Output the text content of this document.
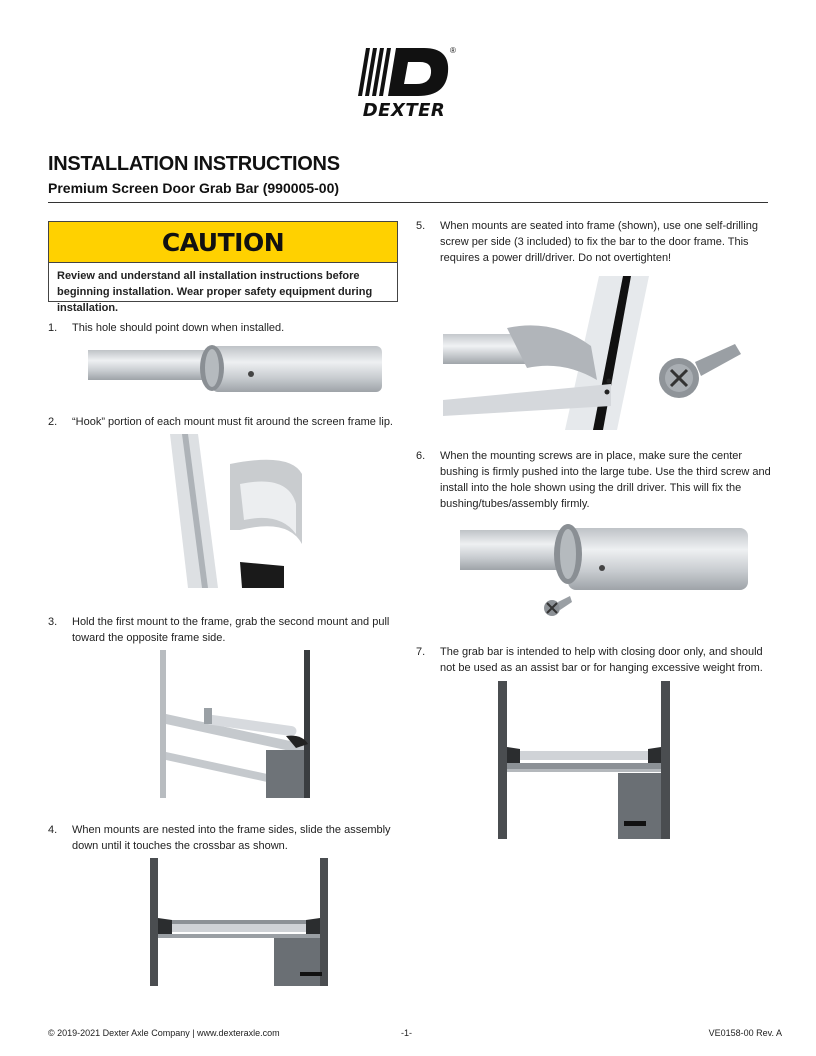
®
DEXTER
INSTALLATION INSTRUCTIONS
Premium Screen Door Grab Bar (990005-00)
CAUTION
Review and understand all installation instructions before beginning installation. Wear proper safety equipment during installation.
1. This hole should point down when installed.
2. “Hook” portion of each mount must fit around the screen frame lip.
3. Hold the first mount to the frame, grab the second mount and pull toward the opposite frame side.
4. When mounts are nested into the frame sides, slide the assembly down until it touches the crossbar as shown.
5. When mounts are seated into frame (shown), use one self-drilling screw per side (3 included) to fix the bar to the door frame. This requires a power drill/driver. Do not overtighten!
6. When the mounting screws are in place, make sure the center bushing is firmly pushed into the large tube. Use the third screw and install into the hole shown using the drill driver. This will fix the bushing/tubes/assembly firmly.
7. The grab bar is intended to help with closing door only, and should not be used as an assist bar or for hanging excessive weight from.
© 2019-2021 Dexter Axle Company | www.dexteraxle.com	-1-	VE0158-00 Rev. A
